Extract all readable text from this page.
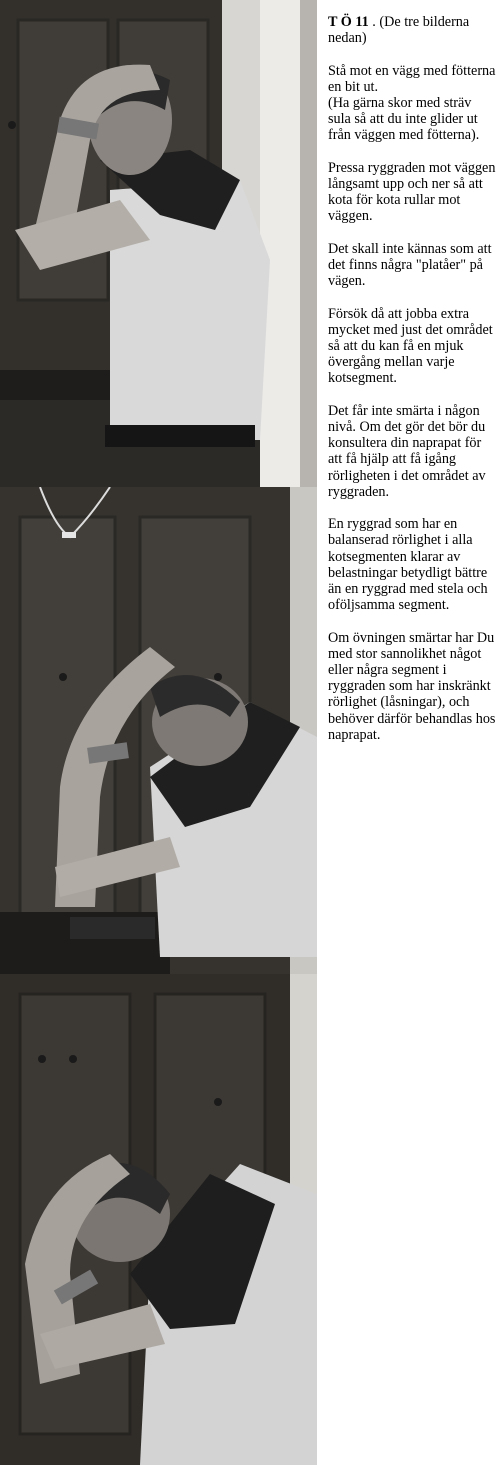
T Ö 11 . (De tre bilderna nedan)

Stå mot en vägg med fötterna en bit ut.

(Ha gärna skor med sträv sula så att du inte glider ut från väggen med fötterna).

Pressa ryggraden mot väggen långsamt upp och ner så att kota för kota rullar mot väggen.

Det skall inte kännas som att det finns några "platåer" på vägen.

Försök då att jobba extra mycket med just det området så att du kan få en mjuk övergång mellan varje kotsegment.

Det får inte smärta i någon nivå. Om det gör det bör du konsultera din naprapat för att få hjälp att få igång rörligheten i det området av ryggraden.

En ryggrad som har en balanserad rörlighet i alla kotsegmenten klarar av belastningar betydligt bättre än en ryggrad med stela och oföljsamma segment.

Om övningen smärtar har Du med stor sannolikhet något eller några segment i ryggraden som har inskränkt rörlighet (låsningar), och behöver därför behandlas hos naprapat.
